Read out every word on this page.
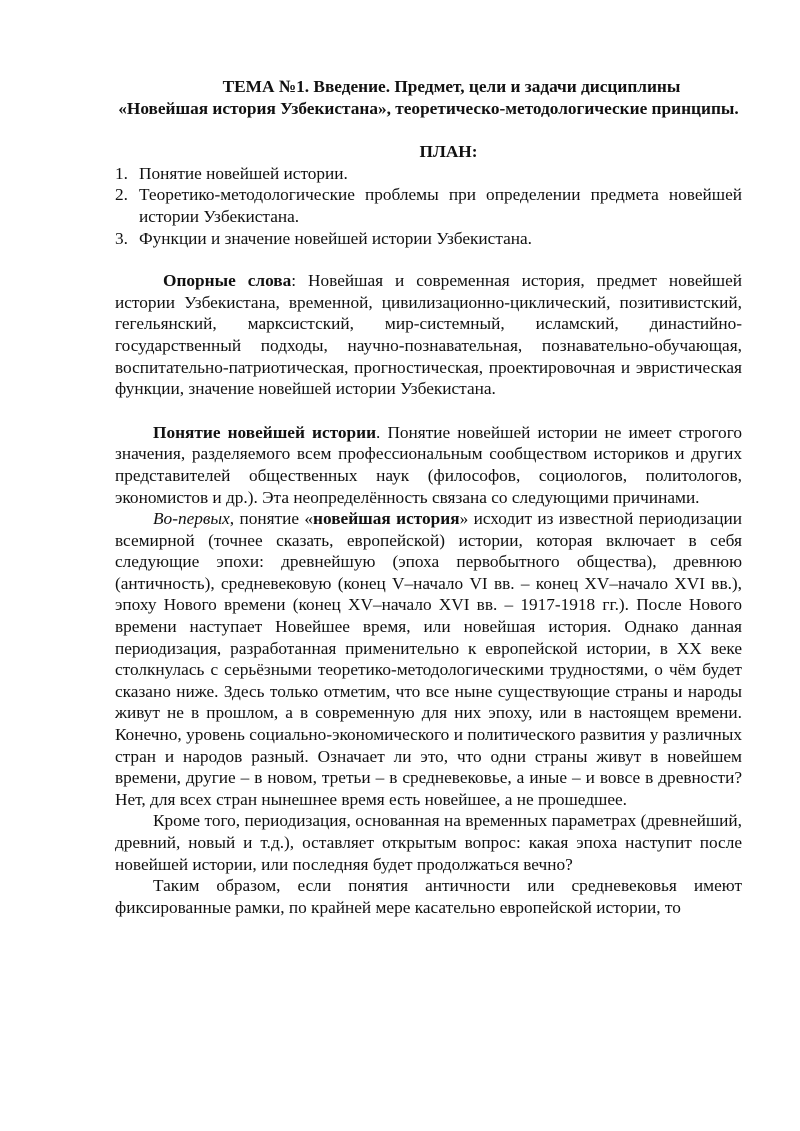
ТЕМА №1. Введение. Предмет, цели и задачи дисциплины
«Новейшая история Узбекистана», теоретическо-методологические принципы.
ПЛАН:
1. Понятие новейшей истории.
2. Теоретико-методологические проблемы при определении предмета новейшей истории Узбекистана.
3. Функции и значение новейшей истории Узбекистана.

Опорные слова: Новейшая и современная история, предмет новейшей истории Узбекистана, временной, цивилизационно-циклический, позитивистский, гегельянский, марксистский, мир-системный, исламский, династийно-государственный подходы, научно-познавательная, познавательно-обучающая, воспитательно-патриотическая, прогностическая, проектировочная и эвристическая функции, значение новейшей истории Узбекистана.

Понятие новейшей истории. Понятие новейшей истории не имеет строгого значения, разделяемого всем профессиональным сообществом историков и других представителей общественных наук (философов, социологов, политологов, экономистов и др.). Эта неопределённость связана со следующими причинами.

Во-первых, понятие «новейшая история» исходит из известной периодизации всемирной (точнее сказать, европейской) истории, которая включает в себя следующие эпохи: древнейшую (эпоха первобытного общества), древнюю (античность), средневековую (конец V–начало VI вв. – конец XV–начало XVI вв.), эпоху Нового времени (конец XV–начало XVI вв. – 1917-1918 гг.). После Нового времени наступает Новейшее время, или новейшая история. Однако данная периодизация, разработанная применительно к европейской истории, в XX веке столкнулась с серьёзными теоретико-методологическими трудностями, о чём будет сказано ниже. Здесь только отметим, что все ныне существующие страны и народы живут не в прошлом, а в современную для них эпоху, или в настоящем времени. Конечно, уровень социально-экономического и политического развития у различных стран и народов разный. Означает ли это, что одни страны живут в новейшем времени, другие – в новом, третьи – в средневековье, а иные – и вовсе в древности? Нет, для всех стран нынешнее время есть новейшее, а не прошедшее.

Кроме того, периодизация, основанная на временных параметрах (древнейший, древний, новый и т.д.), оставляет открытым вопрос: какая эпоха наступит после новейшей истории, или последняя будет продолжаться вечно?

Таким образом, если понятия античности или средневековья имеют фиксированные рамки, по крайней мере касательно европейской истории, то
